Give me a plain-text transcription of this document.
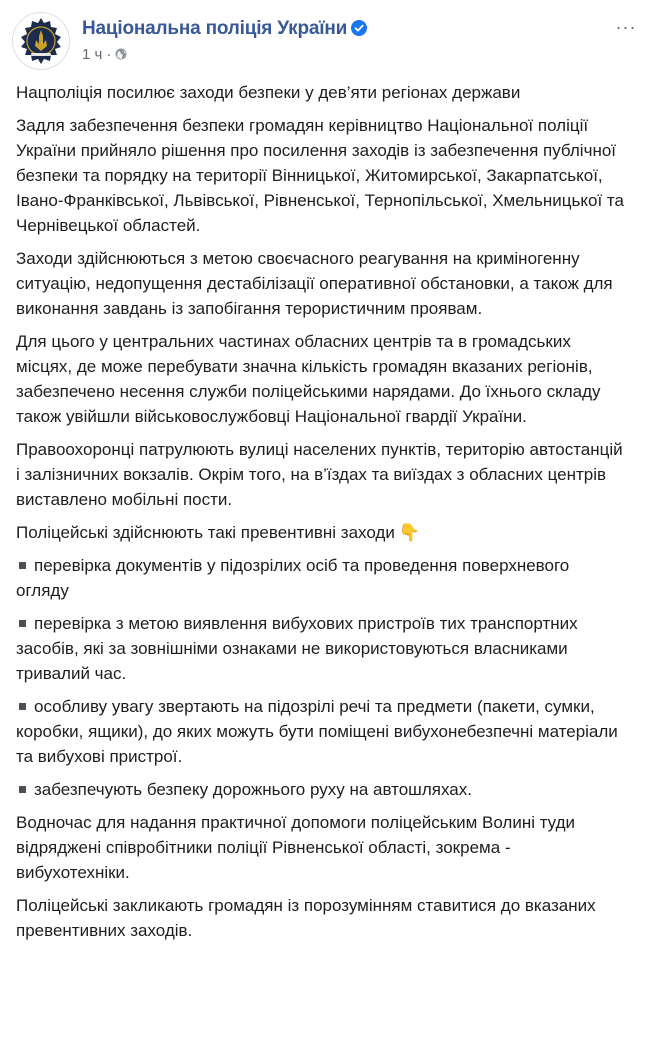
Національна поліція України
1 ч ·
···

Нацполіція посилює заходи безпеки у дев’яти регіонах держави

Задля забезпечення безпеки громадян керівництво Національної поліції України прийняло рішення про посилення заходів із забезпечення публічної безпеки та порядку на території Вінницької, Житомирської, Закарпатської, Івано-Франківської, Львівської, Рівненської, Тернопільської, Хмельницької та Чернівецької областей.

Заходи здійснюються з метою своєчасного реагування на криміногенну ситуацію, недопущення дестабілізації оперативної обстановки, а також для виконання завдань із запобігання терористичним проявам.

Для цього у центральних частинах обласних центрів та в громадських місцях, де може перебувати значна кількість громадян вказаних регіонів, забезпечено несення служби поліцейськими нарядами. До їхнього складу також увійшли військовослужбовці Національної гвардії України.

Правоохоронці патрулюють вулиці населених пунктів, територію автостанцій і залізничних вокзалів. Окрім того, на в’їздах та виїздах з обласних центрів виставлено мобільні пости.

Поліцейські здійснюють такі превентивні заходи 👇

перевірка документів у підозрілих осіб та проведення поверхневого огляду

перевірка з метою виявлення вибухових пристроїв тих транспортних засобів, які за зовнішніми ознаками не використовуються власниками тривалий час.

особливу увагу звертають на підозрілі речі та предмети (пакети, сумки, коробки, ящики), до яких можуть бути поміщені вибухонебезпечні матеріали та вибухові пристрої.

забезпечують безпеку дорожнього руху на автошляхах.

Водночас для надання практичної допомоги поліцейським Волині туди відряджені співробітники поліції Рівненської області, зокрема - вибухотехніки.

Поліцейські закликають громадян із порозумінням ставитися до вказаних превентивних заходів.
